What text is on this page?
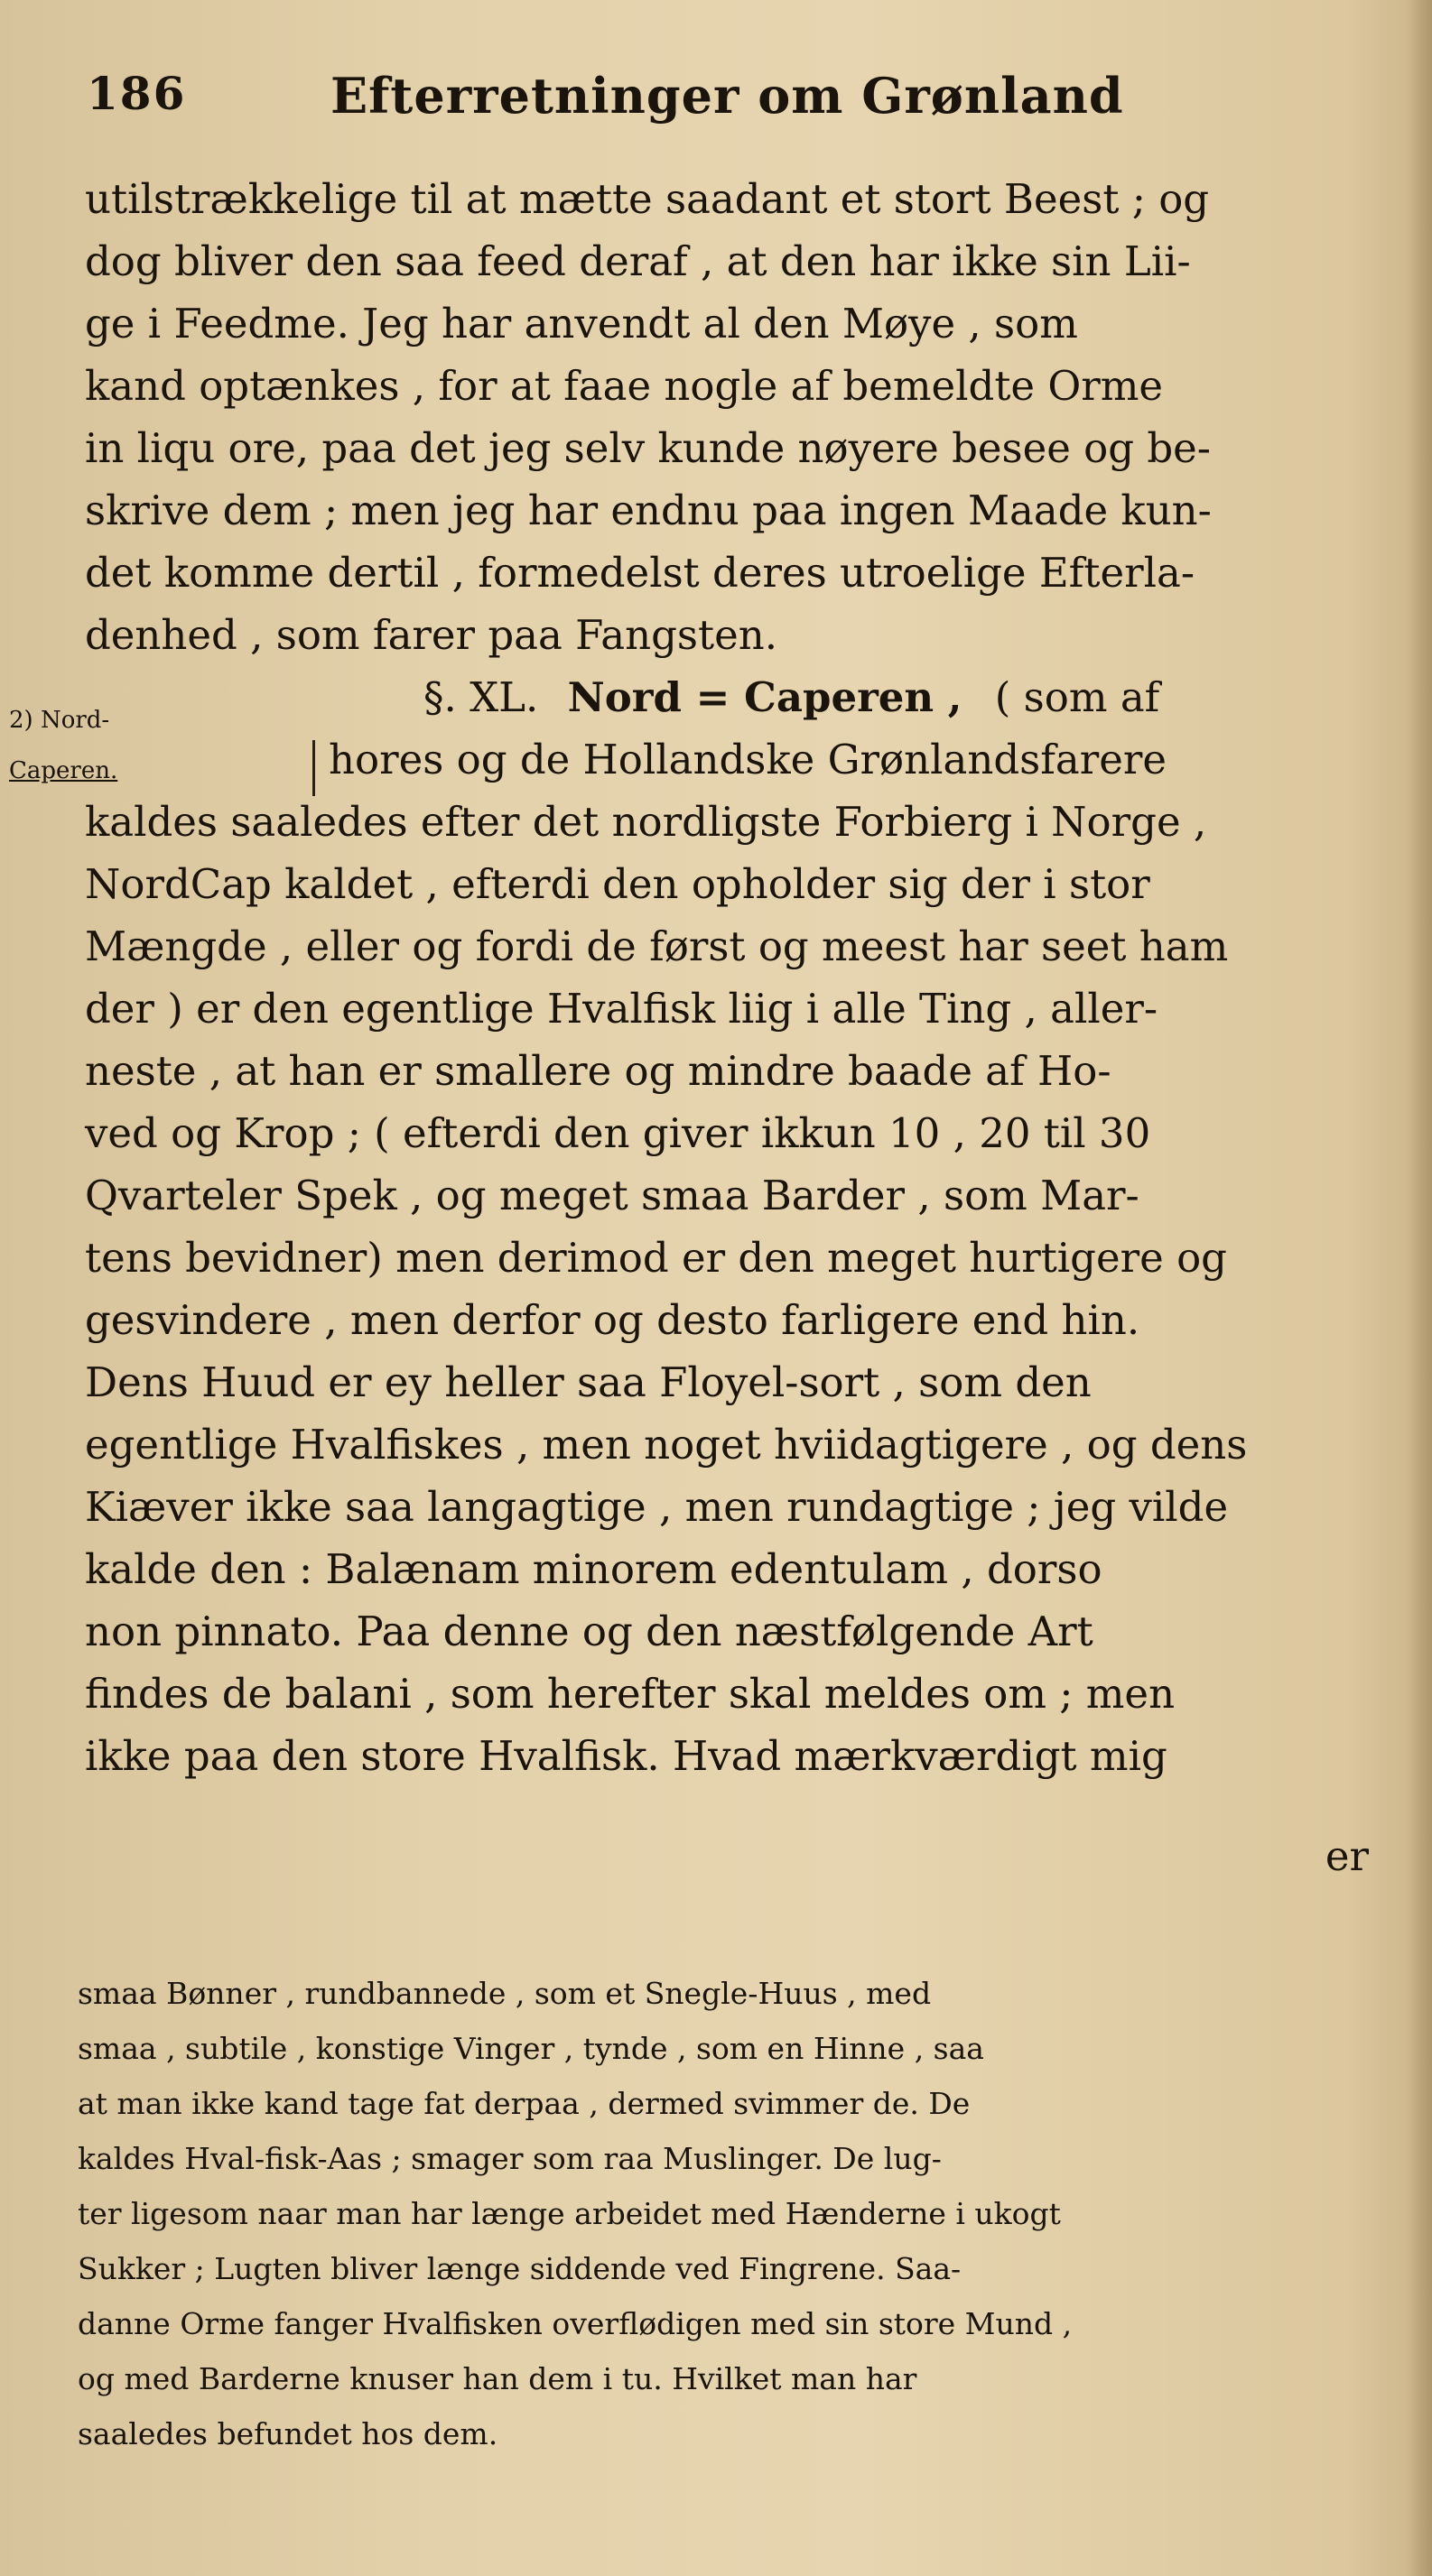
186	Efterretninger om Grønland
utilstrækkelige til at mætte saadant et stort Beest ; og
dog bliver den saa feed deraf , at den har ikke sin Lii-
ge i Feedme. Jeg har anvendt al den Møye , som
kand optænkes , for at faae nogle af bemeldte Orme
in liqu ore, paa det jeg selv kunde nøyere besee og be-
skrive dem ; men jeg har endnu paa ingen Maade kun-
det komme dertil , formedelst deres utroelige Efterla-
denhed , som farer paa Fangsten.
§. XL. Nord = Caperen , ( som af
hores og de Hollandske Grønlandsfarere
kaldes saaledes efter det nordligste Forbierg i Norge ,
NordCap kaldet , efterdi den opholder sig der i stor
Mængde , eller og fordi de først og meest har seet ham
der ) er den egentlige Hvalfisk liig i alle Ting , aller-
neste , at han er smallere og mindre baade af Ho-
ved og Krop ; ( efterdi den giver ikkun 10 , 20 til 30
Qvarteler Spek , og meget smaa Barder , som Mar-
tens bevidner) men derimod er den meget hurtigere og
gesvindere , men derfor og desto farligere end hin.
Dens Huud er ey heller saa Floyel-sort , som den
egentlige Hvalfiskes , men noget hviidagtigere , og dens
Kiæver ikke saa langagtige , men rundagtige ; jeg vilde
kalde den : Balænam minorem edentulam , dorso
non pinnato. Paa denne og den næstfølgende Art
findes de balani , som herefter skal meldes om ; men
ikke paa den store Hvalfisk. Hvad mærkværdigt mig
2) Nord-
Caperen.
er
smaa Bønner , rundbannede , som et Snegle-Huus , med
smaa , subtile , konstige Vinger , tynde , som en Hinne , saa
at man ikke kand tage fat derpaa , dermed svimmer de. De
kaldes Hval-fisk-Aas ; smager som raa Muslinger. De lug-
ter ligesom naar man har længe arbeidet med Hænderne i ukogt
Sukker ; Lugten bliver længe siddende ved Fingrene. Saa-
danne Orme fanger Hvalfisken overflødigen med sin store Mund ,
og med Barderne knuser han dem i tu. Hvilket man har
saaledes befundet hos dem.
